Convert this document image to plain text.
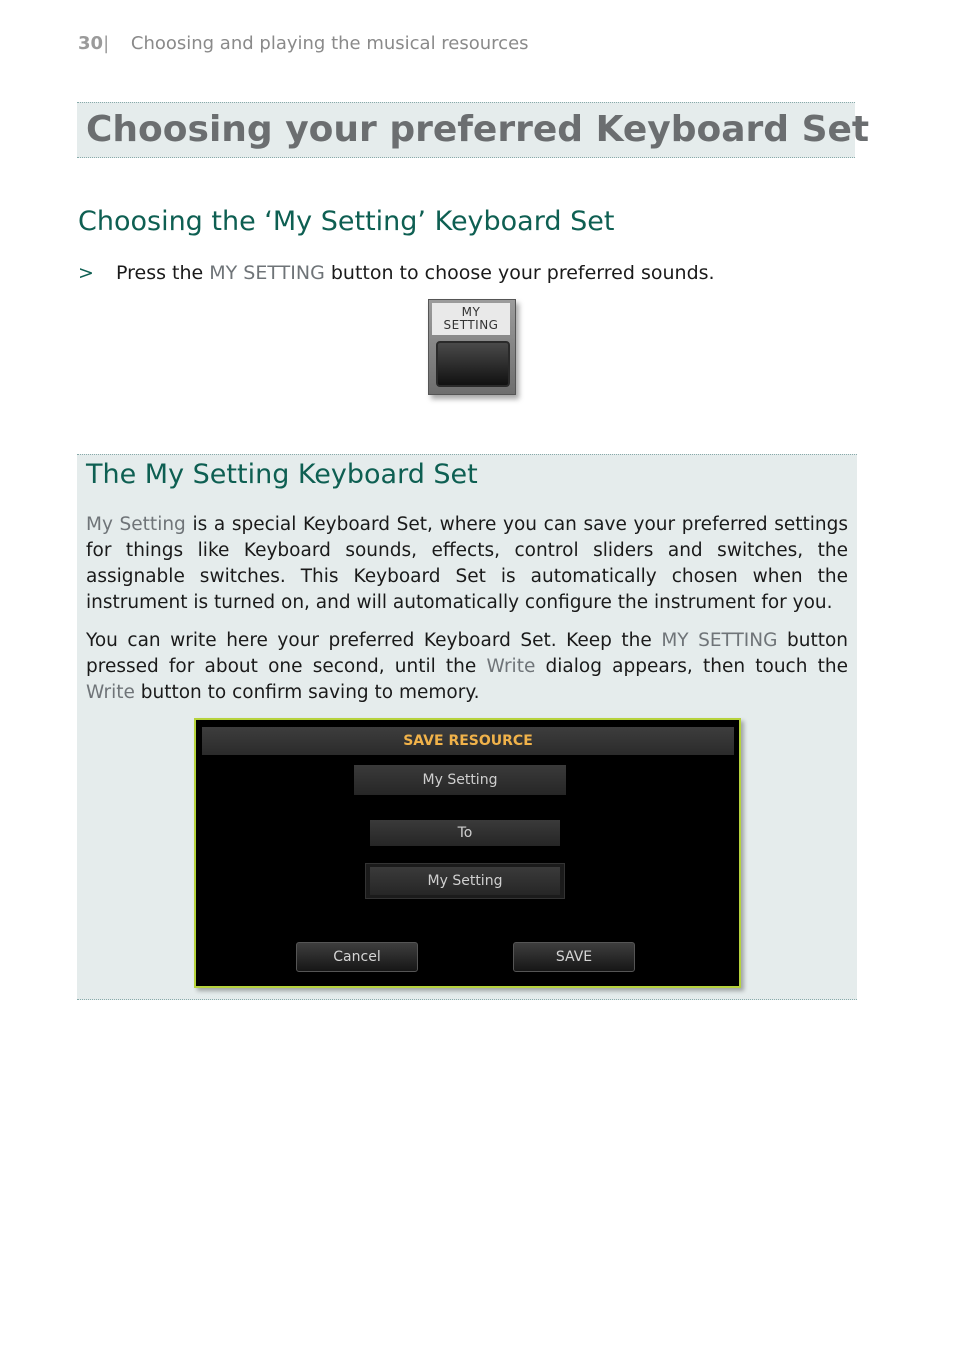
30| Choosing and playing the musical resources
Choosing your preferred Keyboard Set
Choosing the ‘My Setting’ Keyboard Set
> Press the MY SETTING button to choose your preferred sounds.
MY
SETTING
The My Setting Keyboard Set

My Setting is a special Keyboard Set, where you can save your preferred settings for things like Keyboard sounds, effects, control sliders and switches, the assignable switches. This Keyboard Set is automatically chosen when the instrument is turned on, and will automatically configure the instrument for you.

You can write here your preferred Keyboard Set. Keep the MY SETTING button pressed for about one second, until the Write dialog appears, then touch the Write button to confirm saving to memory.

SAVE RESOURCE
My Setting
To
My Setting
Cancel	SAVE
